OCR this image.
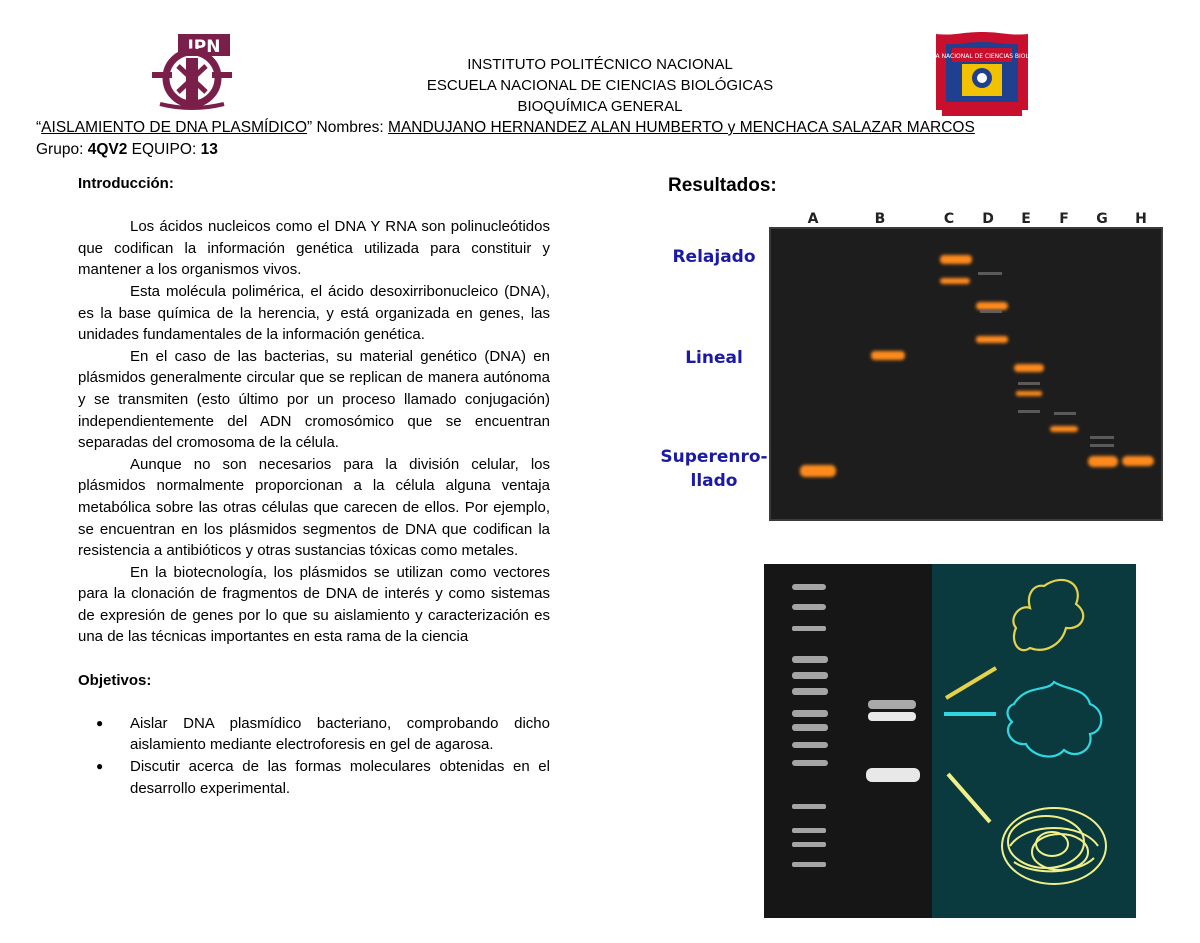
IPN	ESCUELA NACIONAL DE CIENCIAS BIOLÓGICAS
INSTITUTO POLITÉCNICO NACIONAL
ESCUELA NACIONAL DE CIENCIAS BIOLÓGICAS
BIOQUÍMICA GENERAL
“AISLAMIENTO DE DNA PLASMÍDICO” Nombres: MANDUJANO HERNANDEZ ALAN HUMBERTO y MENCHACA SALAZAR MARCOS
Grupo: 4QV2 EQUIPO: 13
Introducción:

Los ácidos nucleicos como el DNA Y RNA son polinucleótidos que codifican la información genética utilizada para constituir y mantener a los organismos vivos.

Esta molécula polimérica, el ácido desoxirribonucleico (DNA), es la base química de la herencia, y está organizada en genes, las unidades fundamentales de la información genética.

En el caso de las bacterias, su material genético (DNA) en plásmidos generalmente circular que se replican de manera autónoma y se transmiten (esto último por un proceso llamado conjugación) independientemente del ADN cromosómico que se encuentran separadas del cromosoma de la célula.

Aunque no son necesarios para la división celular, los plásmidos normalmente proporcionan a la célula alguna ventaja metabólica sobre las otras células que carecen de ellos. Por ejemplo, se encuentran en los plásmidos segmentos de DNA que codifican la resistencia a antibióticos y otras sustancias tóxicas como metales.

En la biotecnología, los plásmidos se utilizan como vectores para la clonación de fragmentos de DNA de interés y como sistemas de expresión de genes por lo que su aislamiento y caracterización es una de las técnicas importantes en esta rama de la ciencia

Objetivos:
● Aislar DNA plasmídico bacteriano, comprobando dicho aislamiento mediante electroforesis en gel de agarosa.
● Discutir acerca de las formas moleculares obtenidas en el desarrollo experimental.
Resultados:
A	B	C D E F G H
Relajado
Lineal
Superenro-
llado
